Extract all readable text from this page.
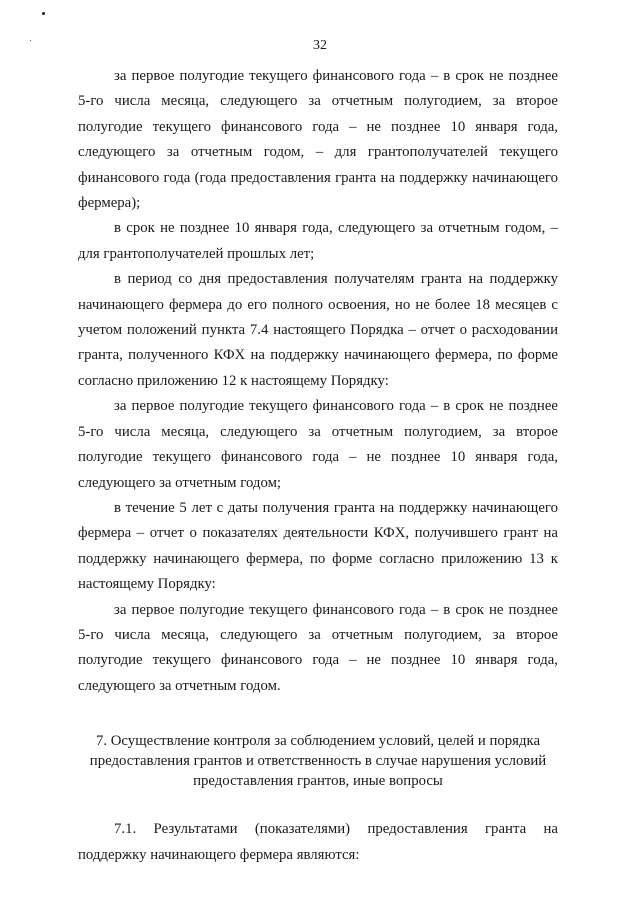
32

за первое полугодие текущего финансового года – в срок не позднее 5-го числа месяца, следующего за отчетным полугодием, за второе полугодие текущего финансового года – не позднее 10 января года, следующего за отчетным годом, – для грантополучателей текущего финансового года (года предоставления гранта на поддержку начинающего фермера);

в срок не позднее 10 января года, следующего за отчетным годом, – для грантополучателей прошлых лет;

в период со дня предоставления получателям гранта на поддержку начинающего фермера до его полного освоения, но не более 18 месяцев с учетом положений пункта 7.4 настоящего Порядка – отчет о расходовании гранта, полученного КФХ на поддержку начинающего фермера, по форме согласно приложению 12 к настоящему Порядку:

за первое полугодие текущего финансового года – в срок не позднее 5-го числа месяца, следующего за отчетным полугодием, за второе полугодие текущего финансового года – не позднее 10 января года, следующего за отчетным годом;

в течение 5 лет с даты получения гранта на поддержку начинающего фермера – отчет о показателях деятельности КФХ, получившего грант на поддержку начинающего фермера, по форме согласно приложению 13 к настоящему Порядку:

за первое полугодие текущего финансового года – в срок не позднее 5-го числа месяца, следующего за отчетным полугодием, за второе полугодие текущего финансового года – не позднее 10 января года, следующего за отчетным годом.

7. Осуществление контроля за соблюдением условий, целей и порядка предоставления грантов и ответственность в случае нарушения условий предоставления грантов, иные вопросы

7.1. Результатами (показателями) предоставления гранта на поддержку начинающего фермера являются:
